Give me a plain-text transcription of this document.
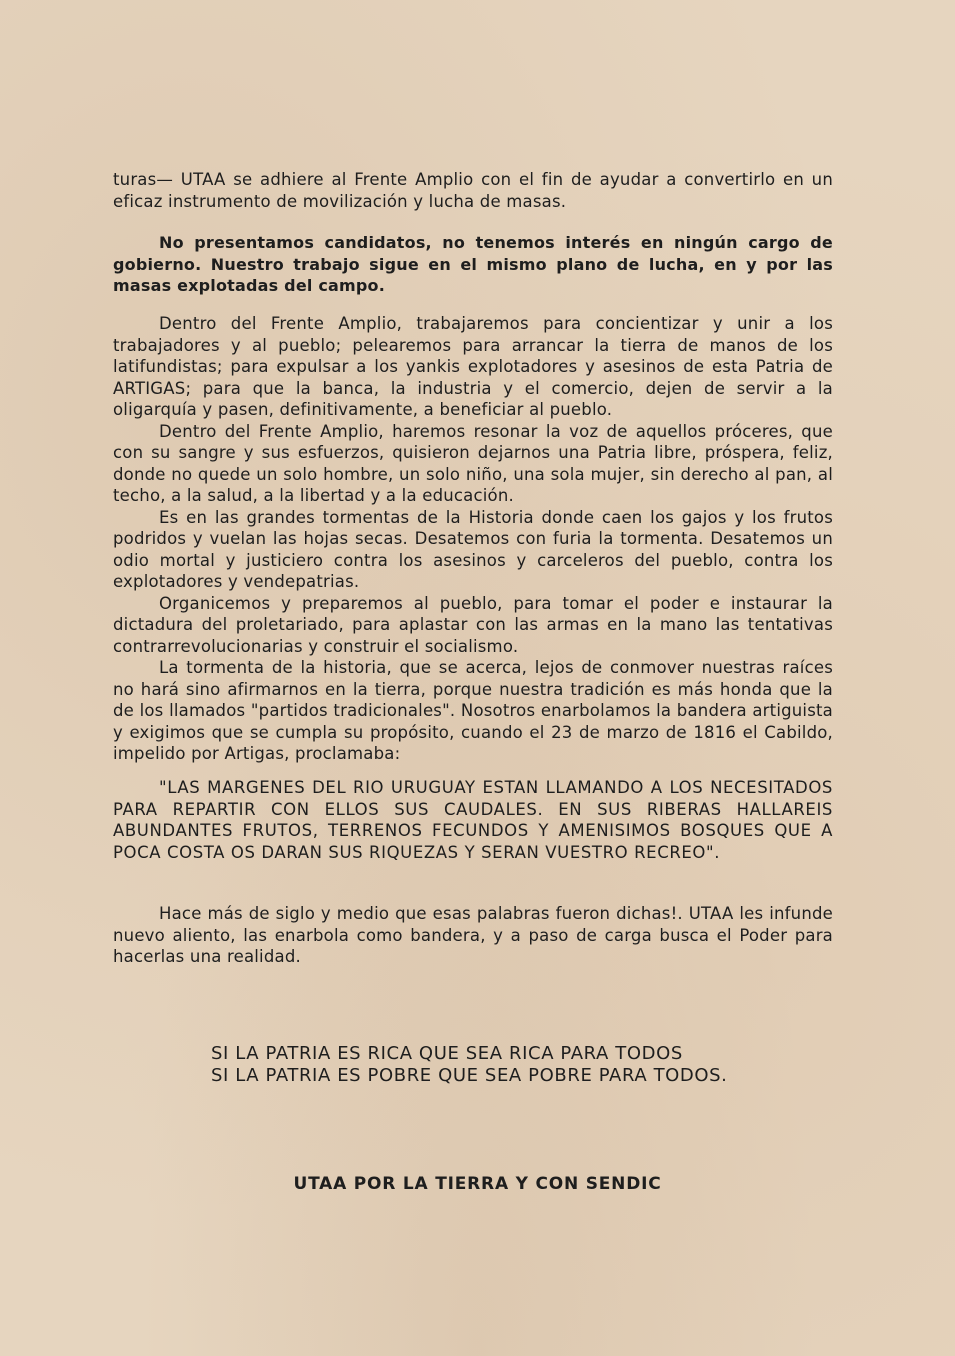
turas— UTAA se adhiere al Frente Amplio con el fin de ayudar a convertirlo en un eficaz instrumento de movilización y lucha de masas.

No presentamos candidatos, no tenemos interés en ningún cargo de gobierno. Nuestro trabajo sigue en el mismo plano de lucha, en y por las masas explotadas del campo.

Dentro del Frente Amplio, trabajaremos para concientizar y unir a los trabajadores y al pueblo; pelearemos para arrancar la tierra de manos de los latifundistas; para expulsar a los yankis explotadores y asesinos de esta Patria de ARTIGAS; para que la banca, la industria y el comercio, dejen de servir a la oligarquía y pasen, definitivamente, a beneficiar al pueblo.

Dentro del Frente Amplio, haremos resonar la voz de aquellos próceres, que con su sangre y sus esfuerzos, quisieron dejarnos una Patria libre, próspera, feliz, donde no quede un solo hombre, un solo niño, una sola mujer, sin derecho al pan, al techo, a la salud, a la libertad y a la educación.

Es en las grandes tormentas de la Historia donde caen los gajos y los frutos podridos y vuelan las hojas secas. Desatemos con furia la tormenta. Desatemos un odio mortal y justiciero contra los asesinos y carceleros del pueblo, contra los explotadores y vendepatrias.

Organicemos y preparemos al pueblo, para tomar el poder e instaurar la dictadura del proletariado, para aplastar con las armas en la mano las tentativas contrarrevolucionarias y construir el socialismo.

La tormenta de la historia, que se acerca, lejos de conmover nuestras raíces no hará sino afirmarnos en la tierra, porque nuestra tradición es más honda que la de los llamados "partidos tradicionales". Nosotros enarbolamos la bandera artiguista y exigimos que se cumpla su propósito, cuando el 23 de marzo de 1816 el Cabildo, impelido por Artigas, proclamaba:

"LAS MARGENES DEL RIO URUGUAY ESTAN LLAMANDO A LOS NECESITADOS PARA REPARTIR CON ELLOS SUS CAUDALES. EN SUS RIBERAS HALLAREIS ABUNDANTES FRUTOS, TERRENOS FECUNDOS Y AMENISIMOS BOSQUES QUE A POCA COSTA OS DARAN SUS RIQUEZAS Y SERAN VUESTRO RECREO".

Hace más de siglo y medio que esas palabras fueron dichas!. UTAA les infunde nuevo aliento, las enarbola como bandera, y a paso de carga busca el Poder para hacerlas una realidad.

SI LA PATRIA ES RICA QUE SEA RICA PARA TODOS
SI LA PATRIA ES POBRE QUE SEA POBRE PARA TODOS.
UTAA POR LA TIERRA Y CON SENDIC
